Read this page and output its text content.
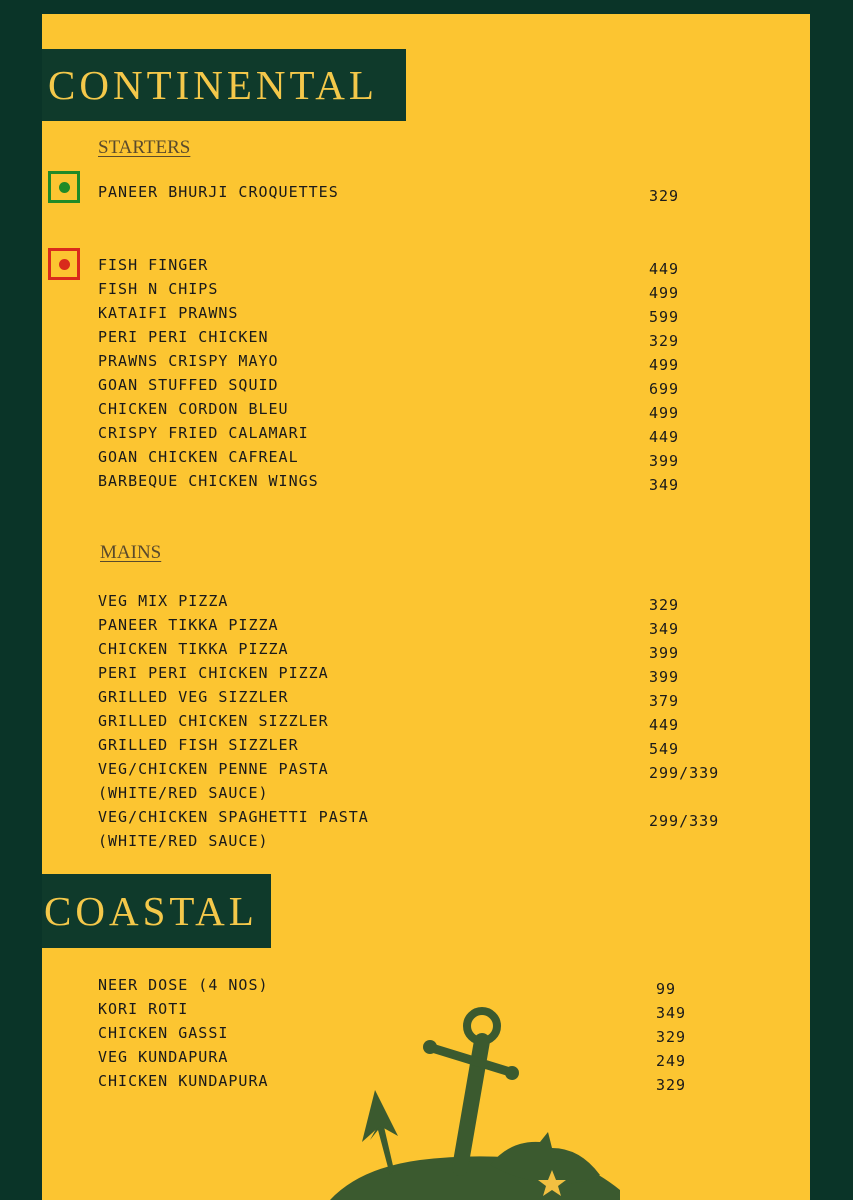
CONTINENTAL
STARTERS
PANEER BHURJI CROQUETTES	329
FISH FINGER	449
FISH N CHIPS	499
KATAIFI PRAWNS	599
PERI PERI CHICKEN	329
PRAWNS CRISPY MAYO	499
GOAN STUFFED SQUID	699
CHICKEN CORDON BLEU	499
CRISPY FRIED CALAMARI	449
GOAN CHICKEN CAFREAL	399
BARBEQUE CHICKEN WINGS	349
MAINS
VEG MIX PIZZA	329
PANEER TIKKA PIZZA	349
CHICKEN TIKKA PIZZA	399
PERI PERI CHICKEN PIZZA	399
GRILLED VEG SIZZLER	379
GRILLED CHICKEN SIZZLER	449
GRILLED FISH SIZZLER	549
VEG/CHICKEN PENNE PASTA	299/339
(WHITE/RED SAUCE)
VEG/CHICKEN SPAGHETTI PASTA	299/339
(WHITE/RED SAUCE)
COASTAL
NEER DOSE (4 NOS)	99
KORI ROTI	349
CHICKEN GASSI	329
VEG KUNDAPURA	249
CHICKEN KUNDAPURA	329
